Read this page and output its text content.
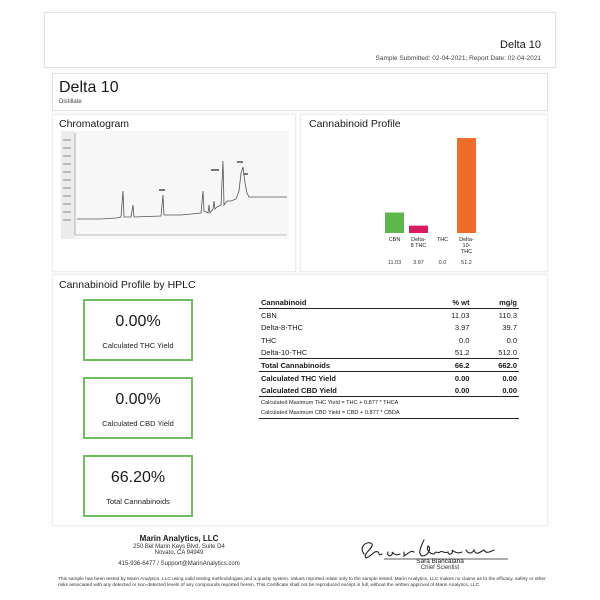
Delta 10
Sample Submitted: 02-04-2021; Report Date: 02-04-2021
Delta 10
Distillate
Chromatogram	Cannabinoid Profile
CBN
11.03
Delta-
8 THC
3.97
THC
0.0
Delta-
10-
THC
51.2
Cannabinoid Profile by HPLC
0.00%
Calculated THC Yield
0.00%
Calculated CBD Yield
66.20%
Total Cannabinoids
Cannabinoid	% wt	mg/g
CBN	11.03	110.3
Delta-8-THC	3.97	39.7
THC	0.0	0.0
Delta-10-THC	51.2	512.0
Total Cannabinoids	66.2	662.0
Calculated THC Yield	0.00	0.00
Calculated CBD Yield	0.00	0.00
Calculated Maximum THC Yield = THC + 0.877 * THCA		
Calculated Maximum CBD Yield = CBD + 0.877 * CBDA		
Marin Analytics, LLC
250 Bel Marin Keys Blvd, Suite D4
Novato, CA 94949
415-936-6477 / Support@MarinAnalytics.com	Sara Biancalana
Chief Scientist
This sample has been tested by Marin Analytics, LLC using valid testing methodologies and a quality system. Values reported relate only to the sample tested. Marin Analytics, LLC makes no claims as to the efficacy, safety or other risks associated with any detected or non-detected levels of any compounds reported herein. This Certificate shall not be reproduced except in full, without the written approval of Marin Analytics, LLC.
